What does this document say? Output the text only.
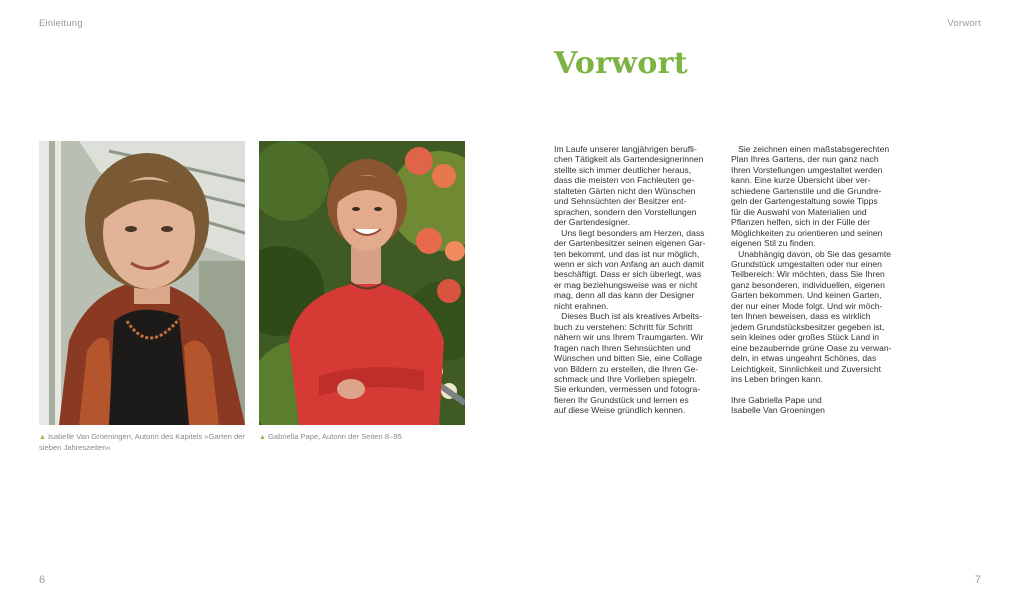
Einleitung	Vorwort
Vorwort
▲ Isabelle Van Groeningen, Autorin des Kapitels »Garten der
sieben Jahreszeiten«
▲ Gabriella Pape, Autorin der Seiten 8–95

Im Laufe unserer langjährigen berufli-

chen Tätigkeit als Gartendesignerinnen

stellte sich immer deutlicher heraus,

dass die meisten von Fachleuten ge-

stalteten Gärten nicht den Wünschen

und Sehnsüchten der Besitzer ent-

sprachen, sondern den Vorstellungen

der Gartendesigner.

Uns liegt besonders am Herzen, dass

der Gartenbesitzer seinen eigenen Gar-

ten bekommt, und das ist nur möglich,

wenn er sich von Anfang an auch damit

beschäftigt. Dass er sich überlegt, was

er mag beziehungsweise was er nicht

mag, denn all das kann der Designer

nicht erahnen.

Dieses Buch ist als kreatives Arbeits-

buch zu verstehen: Schritt für Schritt

nähern wir uns Ihrem Traumgarten. Wir

fragen nach Ihren Sehnsüchten und

Wünschen und bitten Sie, eine Collage

von Bildern zu erstellen, die Ihren Ge-

schmack und Ihre Vorlieben spiegeln.

Sie erkunden, vermessen und fotogra-

fieren Ihr Grundstück und lernen es

auf diese Weise gründlich kennen.

Sie zeichnen einen maßstabsgerechten

Plan Ihres Gartens, der nun ganz nach

Ihren Vorstellungen umgestaltet werden

kann. Eine kurze Übersicht über ver-

schiedene Gartenstile und die Grundre-

geln der Gartengestaltung sowie Tipps

für die Auswahl von Materialien und

Pflanzen helfen, sich in der Fülle der

Möglichkeiten zu orientieren und seinen

eigenen Stil zu finden.

Unabhängig davon, ob Sie das gesamte

Grundstück umgestalten oder nur einen

Teilbereich: Wir möchten, dass Sie Ihren

ganz besonderen, individuellen, eigenen

Garten bekommen. Und keinen Garten,

der nur einer Mode folgt. Und wir möch-

ten Ihnen beweisen, dass es wirklich

jedem Grundstücksbesitzer gegeben ist,

sein kleines oder großes Stück Land in

eine bezaubernde grüne Oase zu verwan-

deln, in etwas ungeahnt Schönes, das

Leichtigkeit, Sinnlichkeit und Zuversicht

ins Leben bringen kann.

Ihre Gabriella Pape und

Isabelle Van Groeningen

6	7
